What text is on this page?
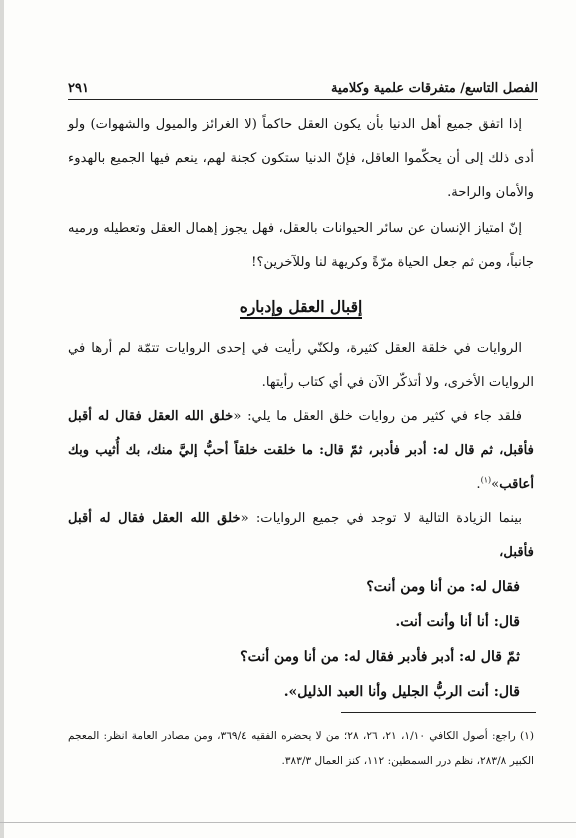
الفصل التاسع/ متفرقات علمية وكلامية
٢٩١

إذا اتفق جميع أهل الدنيا بأن يكون العقل حاكماً (لا الغرائز والميول والشهوات) ولو أدى ذلك إلى أن يحكّموا العاقل، فإنّ الدنيا ستكون كجنة لهم، ينعم فيها الجميع بالهدوء والأمان والراحة.

إنّ امتياز الإنسان عن سائر الحيوانات بالعقل، فهل يجوز إهمال العقل وتعطيله ورميه جانباً، ومن ثم جعل الحياة مرّةً وكريهة لنا وللآخرين؟!

إقبال العقل وإدباره

الروايات في خلقة العقل كثيرة، ولكنّي رأيت في إحدى الروايات تتمّة لم أرها في الروايات الأخرى، ولا أتذكّر الآن في أي كتاب رأيتها.

فلقد جاء في كثير من روايات خلق العقل ما يلي: «خلق الله العقل فقال له أقبل فأقبل، ثم قال له: أدبر فأدبر، ثمّ قال: ما خلقت خلقاً أحبُّ إليَّ منك، بك أُثيب وبك أعاقب»$^{(١)}$.

بينما الزيادة التالية لا توجد في جميع الروايات: «خلق الله العقل فقال له أقبل فأقبل،

فقال له: من أنا ومن أنت؟

قال: أنا أنا وأنت أنت.

ثمّ قال له: أدبر فأدبر فقال له: من أنا ومن أنت؟

قال: أنت الربُّ الجليل وأنا العبد الذليل».

(١) راجع: أصول الكافي ١/١٠، ٢١، ٢٦، ٢٨؛ من لا يحضره الفقيه ٣٦٩/٤، ومن مصادر العامة انظر: المعجم الكبير ٢٨٣/٨، نظم درر السمطين: ١١٢، كنز العمال ٣٨٣/٣.
